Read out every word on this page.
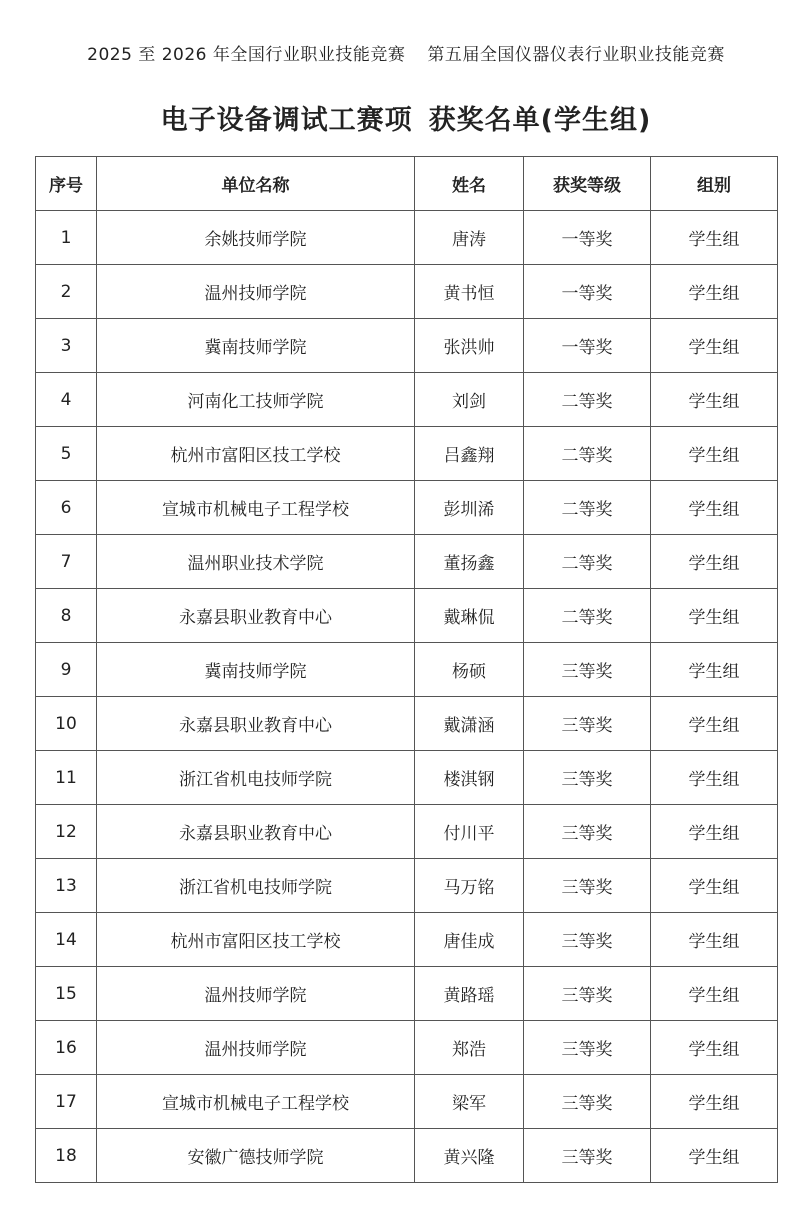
2025 至 2026 年全国行业职业技能竞赛 第五届全国仪器仪表行业职业技能竞赛
电子设备调试工赛项 获奖名单(学生组)
序号	单位名称	姓名	获奖等级	组别
1	余姚技师学院	唐涛	一等奖	学生组
2	温州技师学院	黄书恒	一等奖	学生组
3	冀南技师学院	张洪帅	一等奖	学生组
4	河南化工技师学院	刘剑	二等奖	学生组
5	杭州市富阳区技工学校	吕鑫翔	二等奖	学生组
6	宣城市机械电子工程学校	彭圳浠	二等奖	学生组
7	温州职业技术学院	董扬鑫	二等奖	学生组
8	永嘉县职业教育中心	戴琳侃	二等奖	学生组
9	冀南技师学院	杨硕	三等奖	学生组
10	永嘉县职业教育中心	戴潇涵	三等奖	学生组
11	浙江省机电技师学院	楼淇钢	三等奖	学生组
12	永嘉县职业教育中心	付川平	三等奖	学生组
13	浙江省机电技师学院	马万铭	三等奖	学生组
14	杭州市富阳区技工学校	唐佳成	三等奖	学生组
15	温州技师学院	黄路瑶	三等奖	学生组
16	温州技师学院	郑浩	三等奖	学生组
17	宣城市机械电子工程学校	梁军	三等奖	学生组
18	安徽广德技师学院	黄兴隆	三等奖	学生组
